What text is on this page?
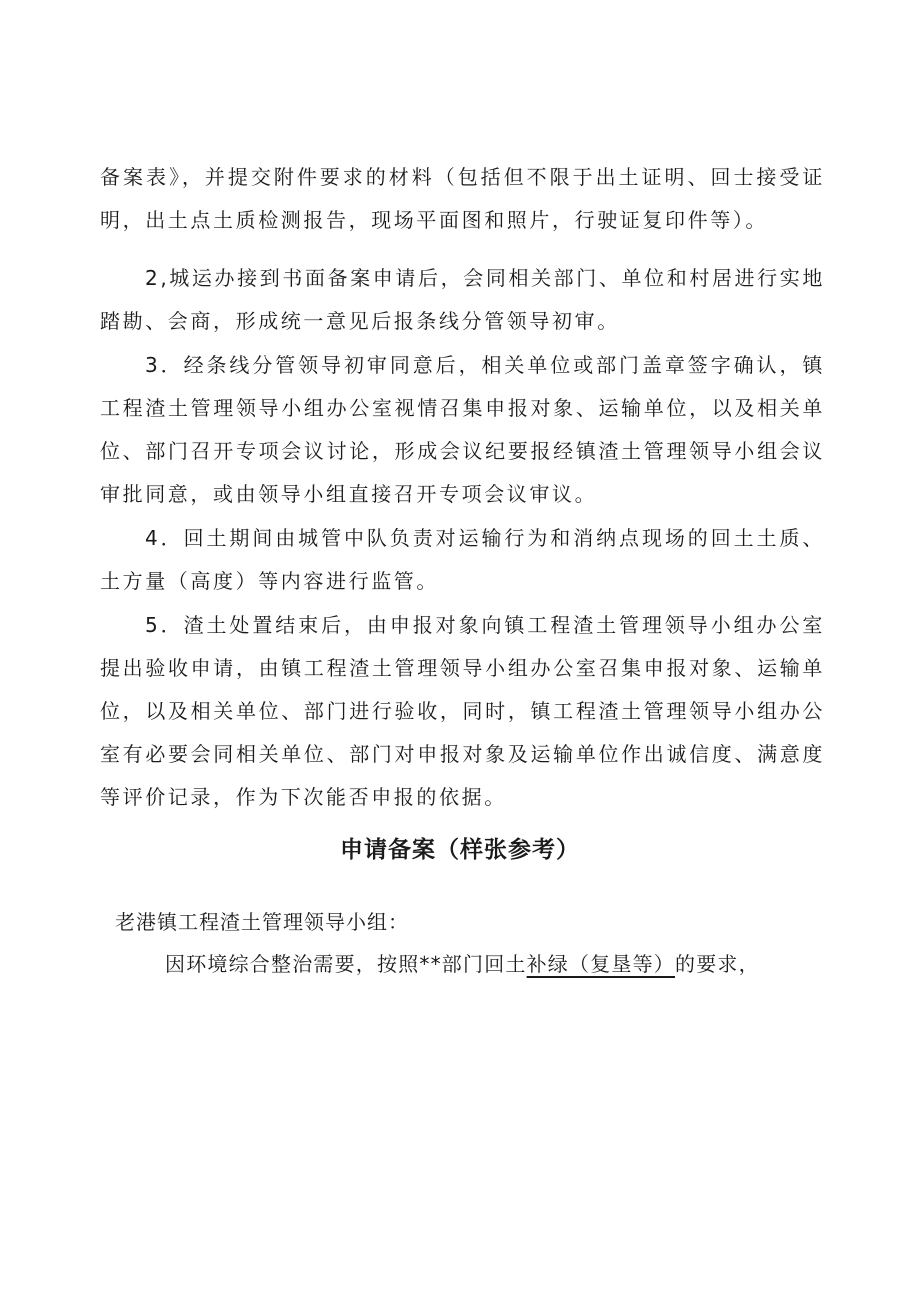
备案表》，并提交附件要求的材料（包括但不限于出土证明、回士接受证明，出土点土质检测报告，现场平面图和照片，行驶证复印件等）。

2,城运办接到书面备案申请后，会同相关部门、单位和村居进行实地踏勘、会商，形成统一意见后报条线分管领导初审。

3．经条线分管领导初审同意后，相关单位或部门盖章签字确认，镇工程渣土管理领导小组办公室视情召集申报对象、运输单位，以及相关单位、部门召开专项会议讨论，形成会议纪要报经镇渣土管理领导小组会议审批同意，或由领导小组直接召开专项会议审议。

4．回土期间由城管中队负责对运输行为和消纳点现场的回土土质、土方量（高度）等内容进行监管。

5．渣土处置结束后，由申报对象向镇工程渣土管理领导小组办公室提出验收申请，由镇工程渣土管理领导小组办公室召集申报对象、运输单位，以及相关单位、部门进行验收，同时，镇工程渣土管理领导小组办公室有必要会同相关单位、部门对申报对象及运输单位作出诚信度、满意度等评价记录，作为下次能否申报的依据。

申请备案（样张参考）

老港镇工程渣土管理领导小组：

因环境综合整治需要，按照**部门回土补绿（复垦等）的要求，
